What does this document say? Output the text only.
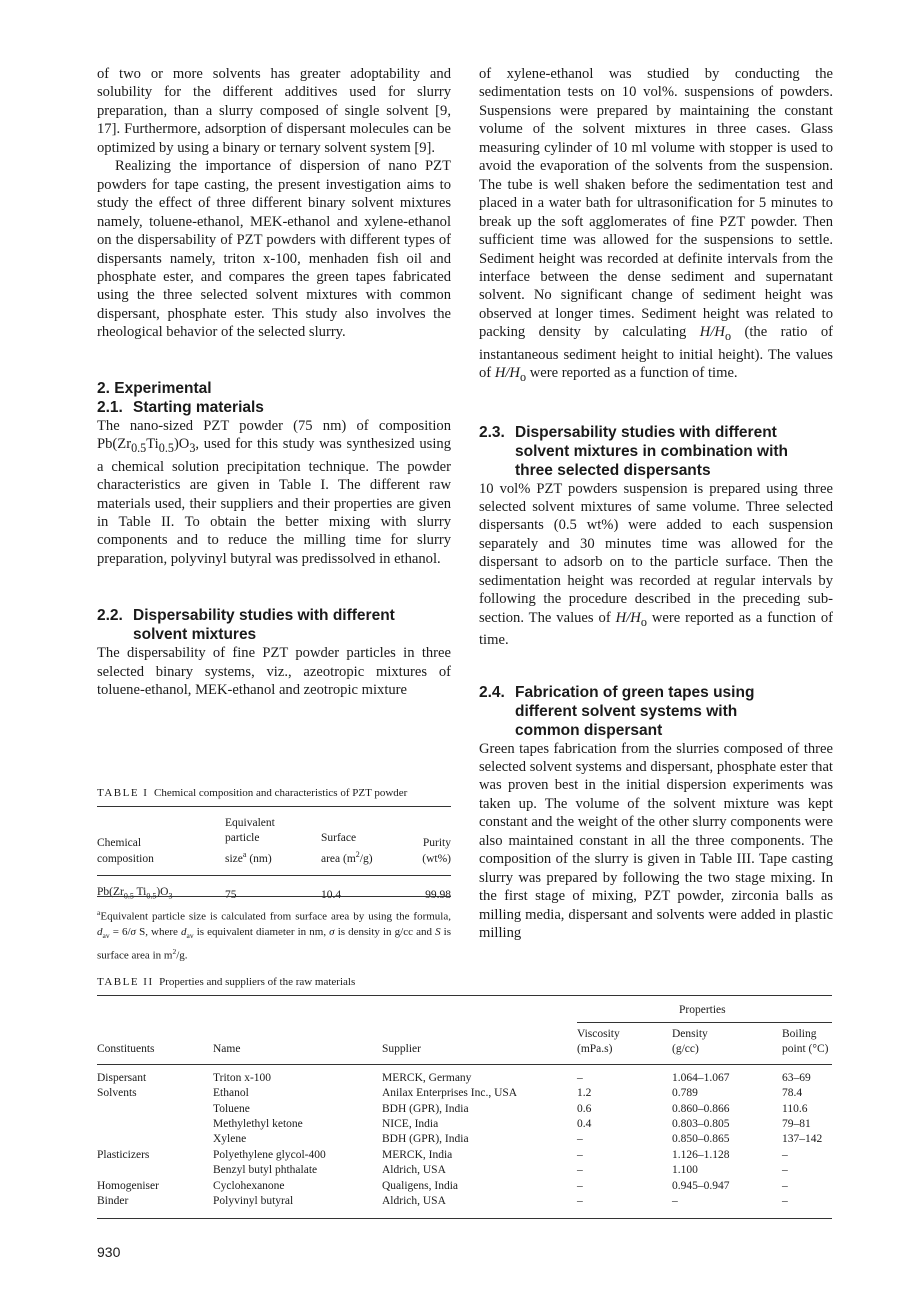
of two or more solvents has greater adoptability and solubility for the different additives used for slurry preparation, than a slurry composed of single solvent [9, 17]. Furthermore, adsorption of dispersant molecules can be optimized by using a binary or ternary solvent system [9].

Realizing the importance of dispersion of nano PZT powders for tape casting, the present investigation aims to study the effect of three different binary solvent mixtures namely, toluene-ethanol, MEK-ethanol and xylene-ethanol on the dispersability of PZT powders with different types of dispersants namely, triton x-100, menhaden fish oil and phosphate ester, and compares the green tapes fabricated using the three selected solvent mixtures with common dispersant, phosphate ester. This study also involves the rheological behavior of the selected slurry.

2. Experimental
2.1. Starting materials

The nano-sized PZT powder (75 nm) of composition $Pb(Zr_{0.5}Ti_{0.5})O_3$, used for this study was synthesized using a chemical solution precipitation technique. The powder characteristics are given in Table I. The different raw materials used, their suppliers and their properties are given in Table II. To obtain the better mixing with slurry components and to reduce the milling time for slurry preparation, polyvinyl butyral was predissolved in ethanol.

2.2. Dispersability studies with different
solvent mixtures

The dispersability of fine PZT powder particles in three selected binary systems, viz., azeotropic mixtures of toluene-ethanol, MEK-ethanol and zeotropic mixture

of xylene-ethanol was studied by conducting the sedimentation tests on 10 vol%. suspensions of powders. Suspensions were prepared by maintaining the constant volume of the solvent mixtures in three cases. Glass measuring cylinder of 10 ml volume with stopper is used to avoid the evaporation of the solvents from the suspension. The tube is well shaken before the sedimentation test and placed in a water bath for ultrasonification for 5 minutes to break up the soft agglomerates of fine PZT powder. Then sufficient time was allowed for the suspensions to settle. Sediment height was recorded at definite intervals from the interface between the dense sediment and supernatant solvent. No significant change of sediment height was observed at longer times. Sediment height was related to packing density by calculating $H/H_o$ (the ratio of instantaneous sediment height to initial height). The values of $H/H_o$ were reported as a function of time.

2.3. Dispersability studies with different
solvent mixtures in combination with
three selected dispersants

10 vol% PZT powders suspension is prepared using three selected solvent mixtures of same volume. Three selected dispersants (0.5 wt%) were added to each suspension separately and 30 minutes time was allowed for the dispersant to adsorb on to the particle surface. Then the sedimentation height was recorded at regular intervals by following the procedure described in the preceding sub-section. The values of $H/H_o$ were reported as a function of time.

2.4. Fabrication of green tapes using
different solvent systems with
common dispersant

Green tapes fabrication from the slurries composed of three selected solvent systems and dispersant, phosphate ester that was proven best in the initial dispersion experiments was taken up. The volume of the solvent mixture was kept constant and the weight of the other slurry components were also maintained constant in all the three components. The composition of the slurry is given in Table III. Tape casting slurry was prepared by following the two stage mixing. In the first stage of mixing, PZT powder, zirconia balls as milling media, dispersant and solvents were added in plastic milling

TABLE I Chemical composition and characteristics of PZT powder

Chemical
composition	Equivalent
particle
size$^a$ (nm)	Surface
area $(m^2/g)$	Purity
(wt%)

$Pb(Zr_{0.5}$ $Ti_{0.5})O_3$	75	10.4	99.98
$^a$Equivalent particle size is calculated from surface area by using the formula, $d_{av} = 6/\sigma$ S, where $d_{av}$ is equivalent diameter in nm, σ is density in g/cc and S is surface area in $m^2/g$.
TABLE II Properties and suppliers of the raw materials
Properties
Constituents	Name	Supplier	Viscosity
(mPa.s)	Density
(g/cc)	Boiling
point (°C)

Dispersant	Triton x-100	MERCK, Germany	–	1.064–1.067	63–69
Solvents	Ethanol	Anilax Enterprises Inc., USA	1.2	0.789	78.4
	Toluene	BDH (GPR), India	0.6	0.860–0.866	110.6
	Methylethyl ketone	NICE, India	0.4	0.803–0.805	79–81
	Xylene	BDH (GPR), India	–	0.850–0.865	137–142
Plasticizers	Polyethylene glycol-400	MERCK, India	–	1.126–1.128	–
	Benzyl butyl phthalate	Aldrich, USA	–	1.100	–
Homogeniser	Cyclohexanone	Qualigens, India	–	0.945–0.947	–
Binder	Polyvinyl butyral	Aldrich, USA	–	–	–
930
